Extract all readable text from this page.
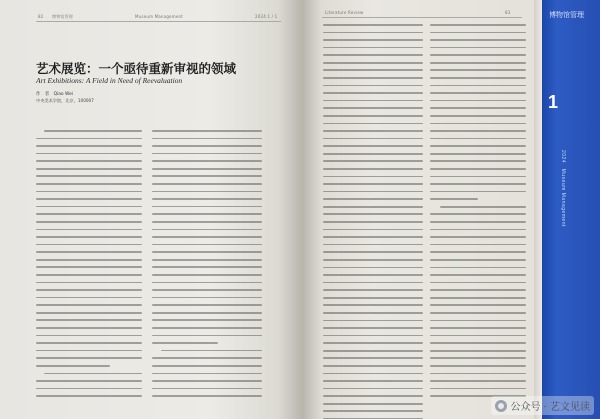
82 博物馆管理	Museum Management	2024.1 / 1
艺术展览：一个亟待重新审视的领域
Art Exhibitions: A Field in Need of Reevaluation
作　者　Qiao Wei
中央美术学院，北京，100007
Literature Review	83	博物馆管理
1
2024　Museum Management
公众号 · 艺文见读
